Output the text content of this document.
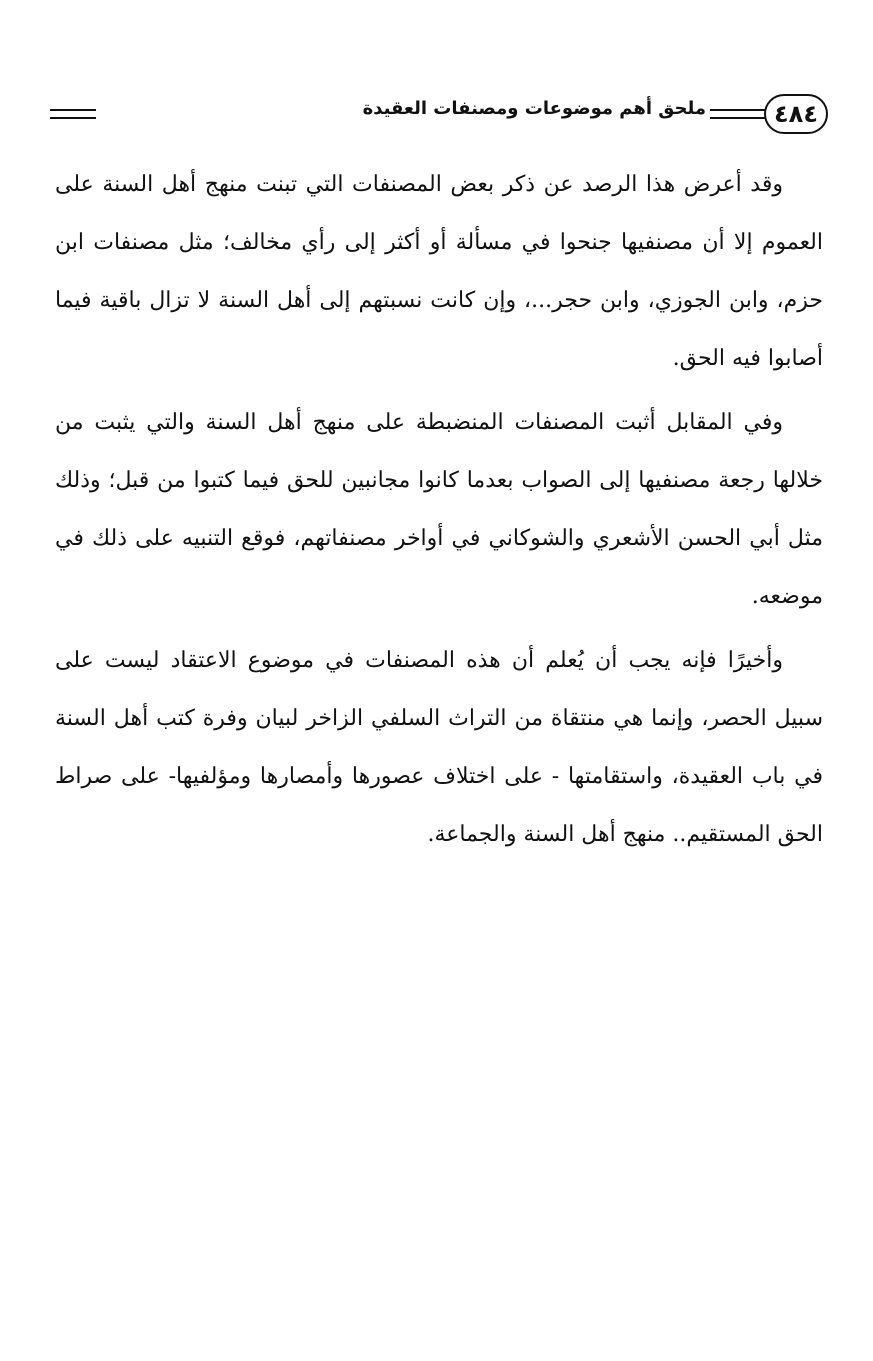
٤٨٤
ملحق أهم موضوعات ومصنفات العقيدة

وقد أعرض هذا الرصد عن ذكر بعض المصنفات التي تبنت منهج أهل السنة على العموم إلا أن مصنفيها جنحوا في مسألة أو أكثر إلى رأي مخالف؛ مثل مصنفات ابن حزم، وابن الجوزي، وابن حجر...، وإن كانت نسبتهم إلى أهل السنة لا تزال باقية فيما أصابوا فيه الحق.

وفي المقابل أثبت المصنفات المنضبطة على منهج أهل السنة والتي يثبت من خلالها رجعة مصنفيها إلى الصواب بعدما كانوا مجانبين للحق فيما كتبوا من قبل؛ وذلك مثل أبي الحسن الأشعري والشوكاني في أواخر مصنفاتهم، فوقع التنبيه على ذلك في موضعه.

وأخيرًا فإنه يجب أن يُعلم أن هذه المصنفات في موضوع الاعتقاد ليست على سبيل الحصر، وإنما هي منتقاة من التراث السلفي الزاخر لبيان وفرة كتب أهل السنة في باب العقيدة، واستقامتها - على اختلاف عصورها وأمصارها ومؤلفيها- على صراط الحق المستقيم.. منهج أهل السنة والجماعة.
